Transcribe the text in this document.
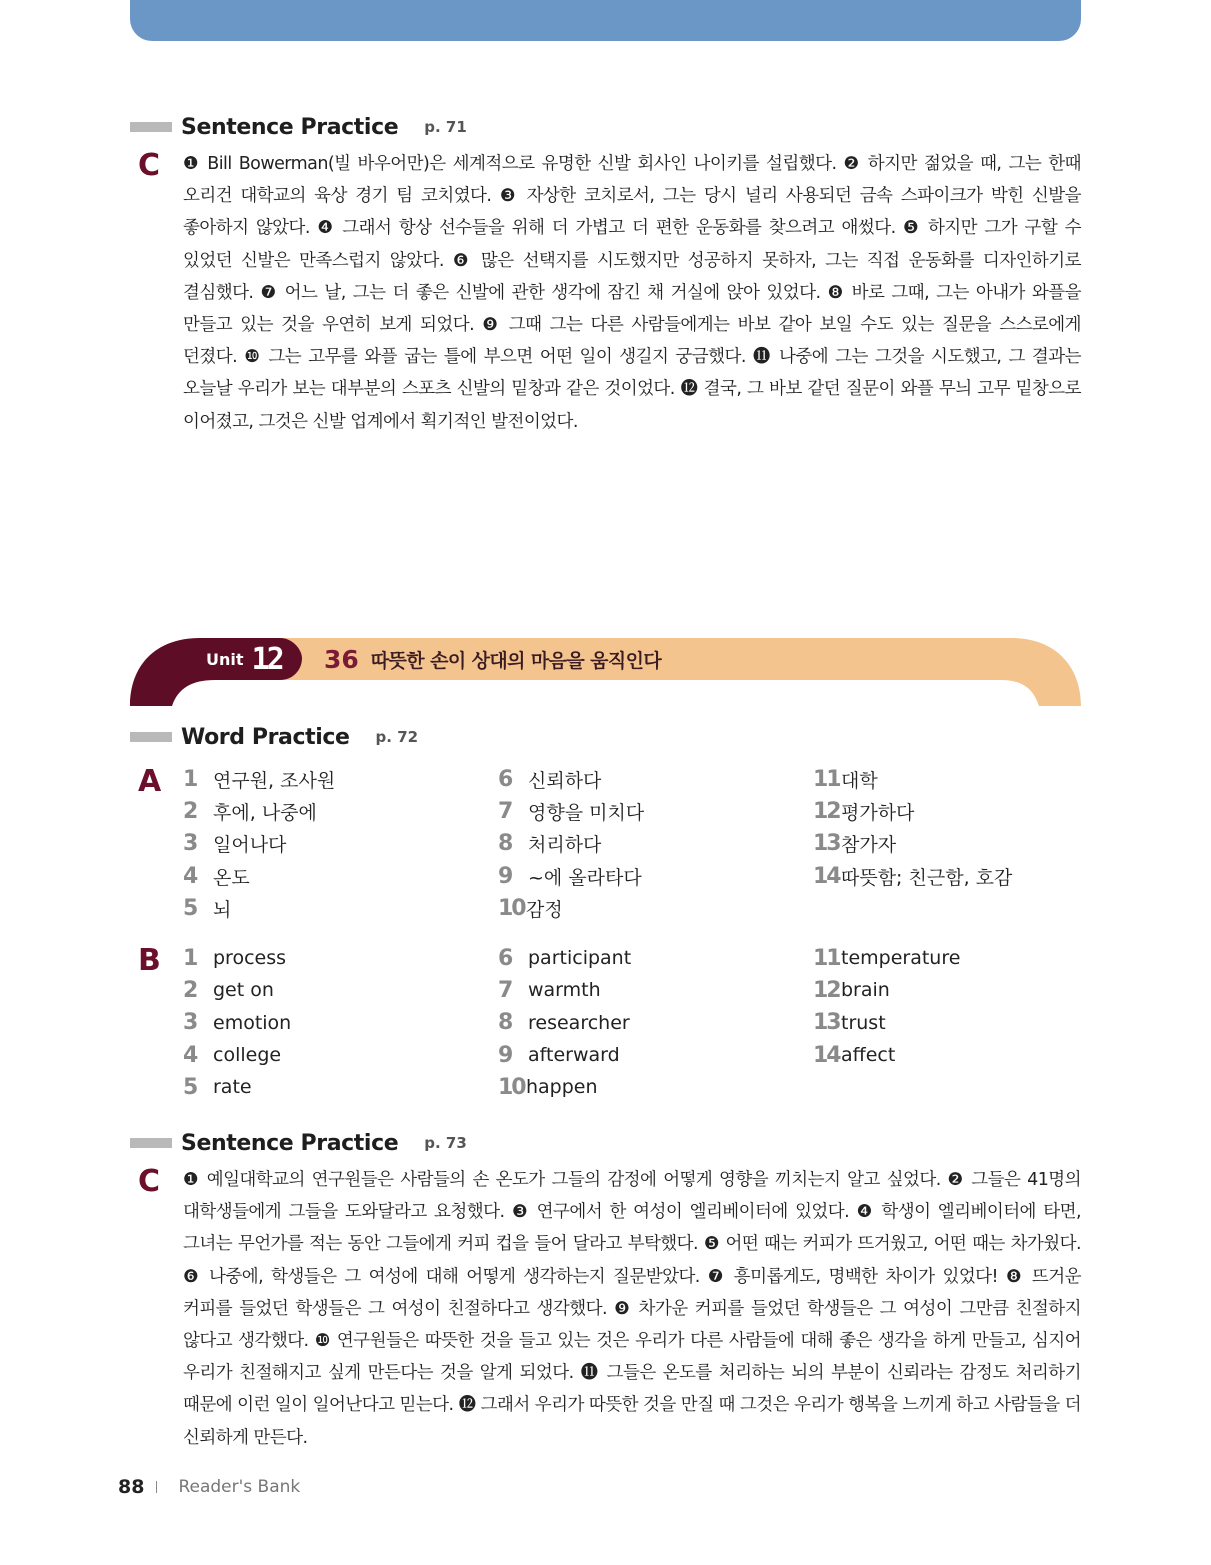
Sentence Practice p. 71
C ❶ Bill Bowerman(빌 바우어만)은 세계적으로 유명한 신발 회사인 나이키를 설립했다. ❷ 하지만 젊었을 때, 그는 한때 오리건 대학교의 육상 경기 팀 코치였다. ❸ 자상한 코치로서, 그는 당시 널리 사용되던 금속 스파이크가 박힌 신발을 좋아하지 않았다. ❹ 그래서 항상 선수들을 위해 더 가볍고 더 편한 운동화를 찾으려고 애썼다. ❺ 하지만 그가 구할 수 있었던 신발은 만족스럽지 않았다. ❻ 많은 선택지를 시도했지만 성공하지 못하자, 그는 직접 운동화를 디자인하기로 결심했다. ❼ 어느 날, 그는 더 좋은 신발에 관한 생각에 잠긴 채 거실에 앉아 있었다. ❽ 바로 그때, 그는 아내가 와플을 만들고 있는 것을 우연히 보게 되었다. ❾ 그때 그는 다른 사람들에게는 바보 같아 보일 수도 있는 질문을 스스로에게 던졌다. ❿ 그는 고무를 와플 굽는 틀에 부으면 어떤 일이 생길지 궁금했다. ⓫ 나중에 그는 그것을 시도했고, 그 결과는 오늘날 우리가 보는 대부분의 스포츠 신발의 밑창과 같은 것이었다. ⓬ 결국, 그 바보 같던 질문이 와플 무늬 고무 밑창으로 이어졌고, 그것은 신발 업계에서 획기적인 발전이었다.
Unit 12 36 따뜻한 손이 상대의 마음을 움직인다
Word Practice p. 72
A 1 연구원, 조사원
2 후에, 나중에
3 일어나다
4 온도
5 뇌
6 신뢰하다
7 영향을 미치다
8 처리하다
9 ~에 올라타다
10 감정
11 대학
12 평가하다
13 참가자
14 따뜻함; 친근함, 호감
B 1 process
2 get on
3 emotion
4 college
5 rate
6 participant
7 warmth
8 researcher
9 afterward
10 happen
11 temperature
12 brain
13 trust
14 affect
Sentence Practice p. 73
C ❶ 예일대학교의 연구원들은 사람들의 손 온도가 그들의 감정에 어떻게 영향을 끼치는지 알고 싶었다. ❷ 그들은 41명의 대학생들에게 그들을 도와달라고 요청했다. ❸ 연구에서 한 여성이 엘리베이터에 있었다. ❹ 학생이 엘리베이터에 타면, 그녀는 무언가를 적는 동안 그들에게 커피 컵을 들어 달라고 부탁했다. ❺ 어떤 때는 커피가 뜨거웠고, 어떤 때는 차가웠다. ❻ 나중에, 학생들은 그 여성에 대해 어떻게 생각하는지 질문받았다. ❼ 흥미롭게도, 명백한 차이가 있었다! ❽ 뜨거운 커피를 들었던 학생들은 그 여성이 친절하다고 생각했다. ❾ 차가운 커피를 들었던 학생들은 그 여성이 그만큼 친절하지 않다고 생각했다. ❿ 연구원들은 따뜻한 것을 들고 있는 것은 우리가 다른 사람들에 대해 좋은 생각을 하게 만들고, 심지어 우리가 친절해지고 싶게 만든다는 것을 알게 되었다. ⓫ 그들은 온도를 처리하는 뇌의 부분이 신뢰라는 감정도 처리하기 때문에 이런 일이 일어난다고 믿는다. ⓬ 그래서 우리가 따뜻한 것을 만질 때 그것은 우리가 행복을 느끼게 하고 사람들을 더 신뢰하게 만든다.
88 Reader's Bank
